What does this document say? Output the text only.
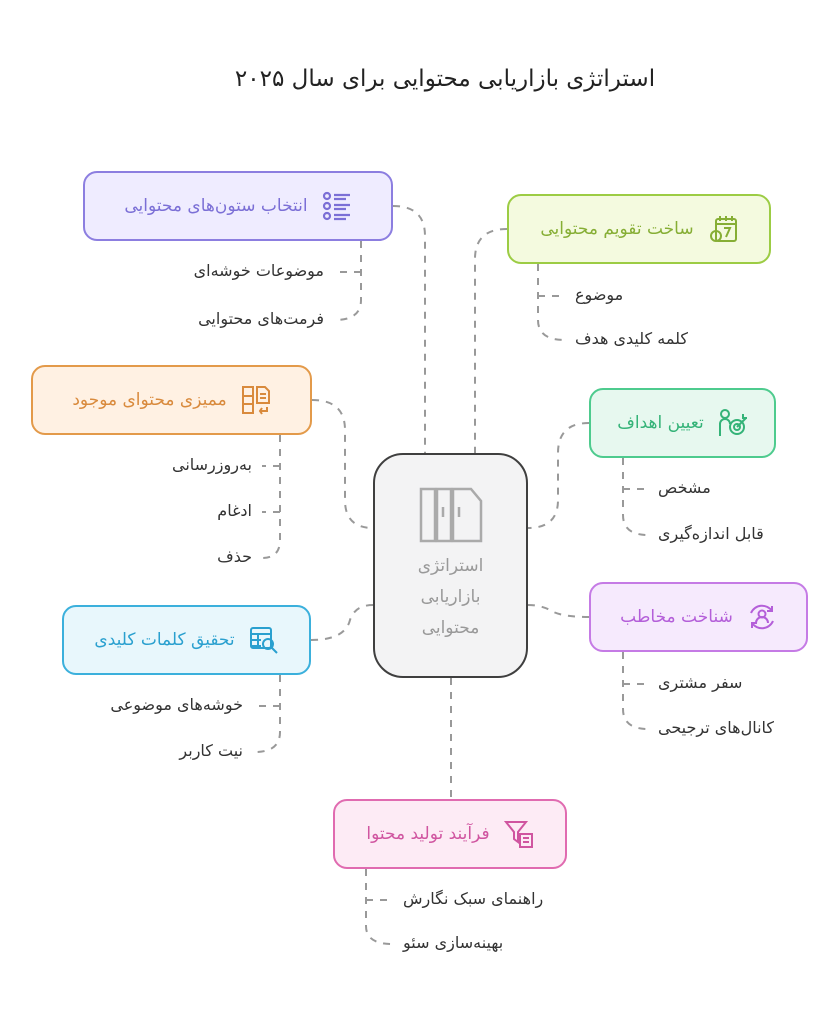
استراتژی بازاریابی محتوایی برای سال ۲۰۲۵
استراتژی بازاریابی محتوایی
انتخاب ستون‌های محتوایی
موضوعات خوشه‌ای
فرمت‌های محتوایی
ساخت تقویم محتوایی
موضوع
کلمه کلیدی هدف
ممیزی محتوای موجود
به‌روزرسانی
ادغام
حذف
تعیین اهداف
مشخص
قابل اندازه‌گیری
تحقیق کلمات کلیدی
خوشه‌های موضوعی
نیت کاربر
شناخت مخاطب
سفر مشتری
کانال‌های ترجیحی
فرآیند تولید محتوا
راهنمای سبک نگارش
بهینه‌سازی سئو
